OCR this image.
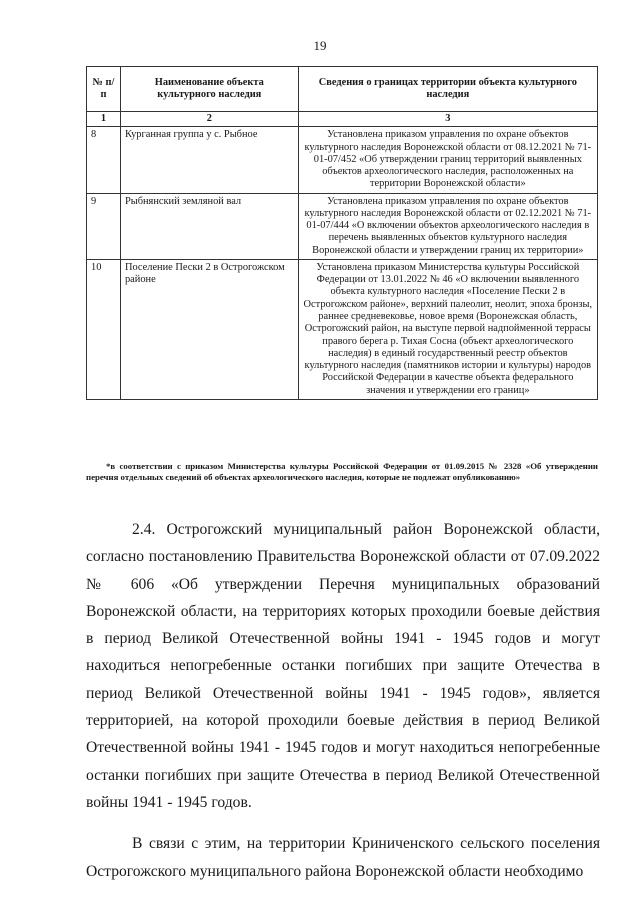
19
№ п/п	Наименование объекта культурного наследия	Сведения о границах территории объекта культурного наследия
1	2	3
8	Курганная группа у с. Рыбное	Установлена приказом управления по охране объектов культурного наследия Воронежской области от 08.12.2021 № 71-01-07/452 «Об утверждении границ территорий выявленных объектов археологического наследия, расположенных на территории Воронежской области»
9	Рыбнянский земляной вал	Установлена приказом управления по охране объектов культурного наследия Воронежской области от 02.12.2021 № 71-01-07/444 «О включении объектов археологического наследия в перечень выявленных объектов культурного наследия Воронежской области и утверждении границ их территории»
10	Поселение Пески 2 в Острогожском районе	Установлена приказом Министерства культуры Российской Федерации от 13.01.2022 № 46 «О включении выявленного объекта культурного наследия «Поселение Пески 2 в Острогожском районе», верхний палеолит, неолит, эпоха бронзы, раннее средневековье, новое время (Воронежская область, Острогожский район, на выступе первой надпойменной террасы правого берега р. Тихая Сосна (объект археологического наследия) в единый государственный реестр объектов культурного наследия (памятников истории и культуры) народов Российской Федерации в качестве объекта федерального значения и утверждении его границ»
*в соответствии с приказом Министерства культуры Российской Федерации от 01.09.2015 № 2328 «Об утверждении перечня отдельных сведений об объектах археологического наследия, которые не подлежат опубликованию»

2.4. Острогожский муниципальный район Воронежской области, согласно постановлению Правительства Воронежской области от 07.09.2022 № 606 «Об утверждении Перечня муниципальных образований Воронежской области, на территориях которых проходили боевые действия в период Великой Отечественной войны 1941 - 1945 годов и могут находиться непогребенные останки погибших при защите Отечества в период Великой Отечественной войны 1941 - 1945 годов», является территорией, на которой проходили боевые действия в период Великой Отечественной войны 1941 - 1945 годов и могут находиться непогребенные останки погибших при защите Отечества в период Великой Отечественной войны 1941 - 1945 годов.

В связи с этим, на территории Криниченского сельского поселения Острогожского муниципального района Воронежской области необходимо
